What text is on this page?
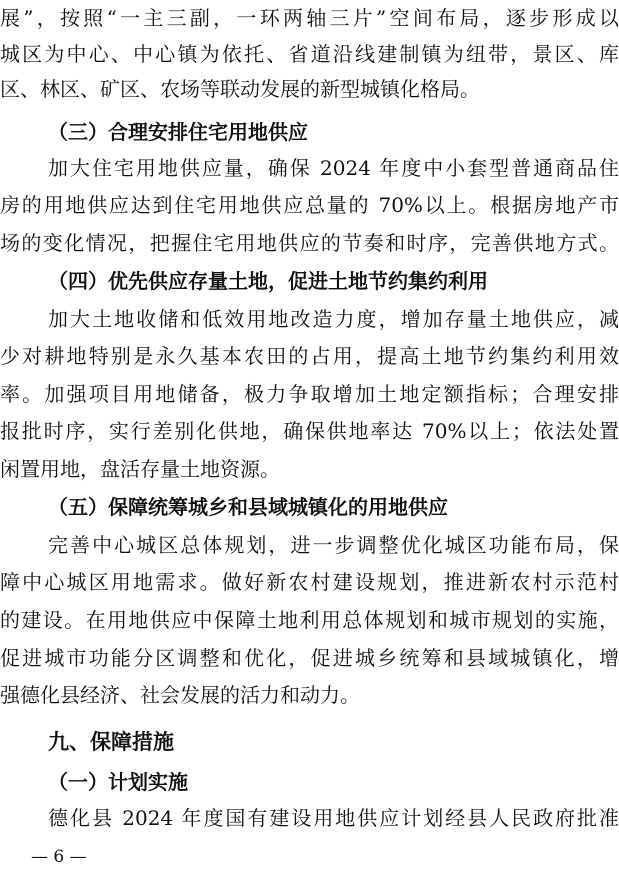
展”，按照“一主三副，一环两轴三片”空间布局，逐步形成以
城区为中心、中心镇为依托、省道沿线建制镇为纽带，景区、库
区、林区、矿区、农场等联动发展的新型城镇化格局。
（三）合理安排住宅用地供应
加大住宅用地供应量，确保 2024 年度中小套型普通商品住
房的用地供应达到住宅用地供应总量的 70%以上。根据房地产市
场的变化情况，把握住宅用地供应的节奏和时序，完善供地方式。
（四）优先供应存量土地，促进土地节约集约利用
加大土地收储和低效用地改造力度，增加存量土地供应，减
少对耕地特别是永久基本农田的占用，提高土地节约集约利用效
率。加强项目用地储备，极力争取增加土地定额指标；合理安排
报批时序，实行差别化供地，确保供地率达 70%以上；依法处置
闲置用地，盘活存量土地资源。
（五）保障统筹城乡和县域城镇化的用地供应
完善中心城区总体规划，进一步调整优化城区功能布局，保
障中心城区用地需求。做好新农村建设规划，推进新农村示范村
的建设。在用地供应中保障土地利用总体规划和城市规划的实施，
促进城市功能分区调整和优化，促进城乡统筹和县域城镇化，增
强德化县经济、社会发展的活力和动力。
九、保障措施
（一）计划实施
德化县 2024 年度国有建设用地供应计划经县人民政府批准
— 6 —
